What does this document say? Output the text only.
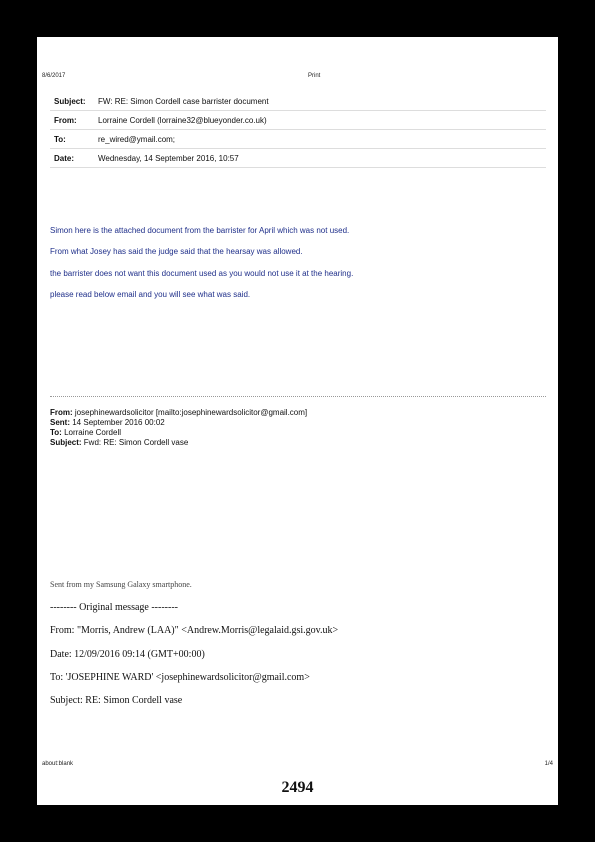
8/6/2017	Print
Subject:	FW: RE: Simon Cordell case barrister document
From:	Lorraine Cordell (lorraine32@blueyonder.co.uk)
To:	re_wired@ymail.com;
Date:	Wednesday, 14 September 2016, 10:57
Simon here is the attached document from the barrister for April which was not used.
From what Josey has said the judge said that the hearsay was allowed.
the barrister does not want this document used as you would not use it at the hearing.
please read below email and you will see what was said.
From: josephinewardsolicitor [mailto:josephinewardsolicitor@gmail.com]
Sent: 14 September 2016 00:02
To: Lorraine Cordell
Subject: Fwd: RE: Simon Cordell vase
Sent from my Samsung Galaxy smartphone.
-------- Original message --------
From: "Morris, Andrew (LAA)" <Andrew.Morris@legalaid.gsi.gov.uk>
Date: 12/09/2016 09:14 (GMT+00:00)
To: 'JOSEPHINE WARD' <josephinewardsolicitor@gmail.com>
Subject: RE: Simon Cordell vase
about:blank	1/4
2494
